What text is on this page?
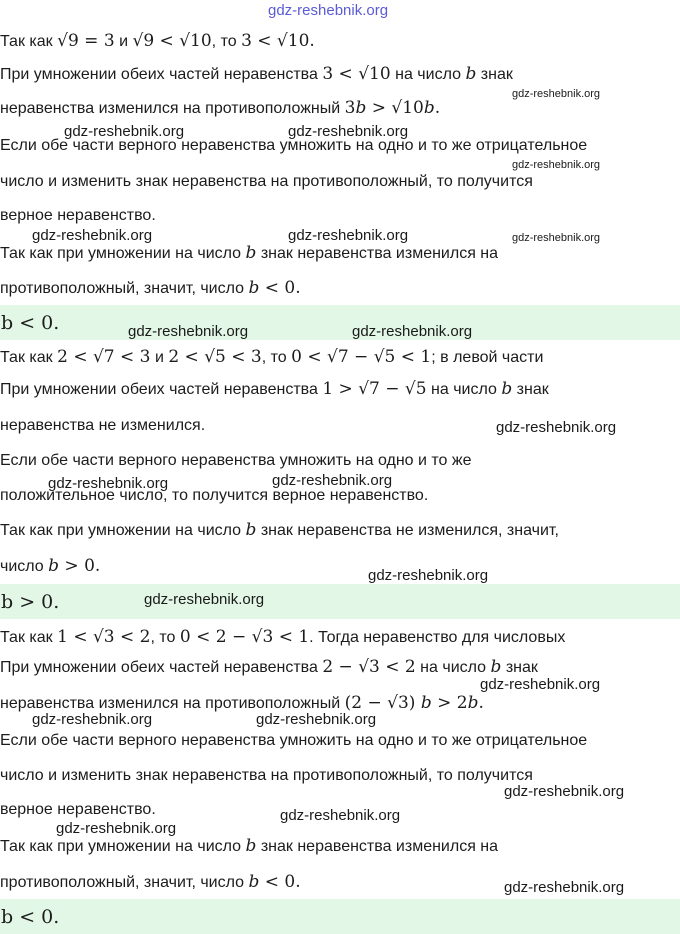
Так как √9 = 3 и √9 < √10, то 3 < √10.
При умножении обеих частей неравенства 3 < √10 на число b знак
неравенства изменился на противоположный 3b > √10b.
Если обе части верного неравенства умножить на одно и то же отрицательное
число и изменить знак неравенства на противоположный, то получится
верное неравенство.
Так как при умножении на число b знак неравенства изменился на
противоположный, значит, число b < 0.
b < 0.
Так как 2 < √7 < 3 и 2 < √5 < 3, то 0 < √7 − √5 < 1; в левой части
При умножении обеих частей неравенства 1 > √7 − √5 на число b знак
неравенства не изменился.
Если обе части верного неравенства умножить на одно и то же
положительное число, то получится верное неравенство.
Так как при умножении на число b знак неравенства не изменился, значит,
число b > 0.
b > 0.
Так как 1 < √3 < 2, то 0 < 2 − √3 < 1. Тогда неравенство для числовых
При умножении обеих частей неравенства 2 − √3 < 2 на число b знак
неравенства изменился на противоположный (2 − √3) b > 2b.
Если обе части верного неравенства умножить на одно и то же отрицательное
число и изменить знак неравенства на противоположный, то получится
верное неравенство.
Так как при умножении на число b знак неравенства изменился на
противоположный, значит, число b < 0.
b < 0.
gdz-reshebnik.org
gdz-reshebnik.org
gdz-reshebnik.org	gdz-reshebnik.org
gdz-reshebnik.org
gdz-reshebnik.org	gdz-reshebnik.org	gdz-reshebnik.org
gdz-reshebnik.org	gdz-reshebnik.org
gdz-reshebnik.org
gdz-reshebnik.org	gdz-reshebnik.org
gdz-reshebnik.org
gdz-reshebnik.org
gdz-reshebnik.org
gdz-reshebnik.org	gdz-reshebnik.org
gdz-reshebnik.org
gdz-reshebnik.org
gdz-reshebnik.org
gdz-reshebnik.org
